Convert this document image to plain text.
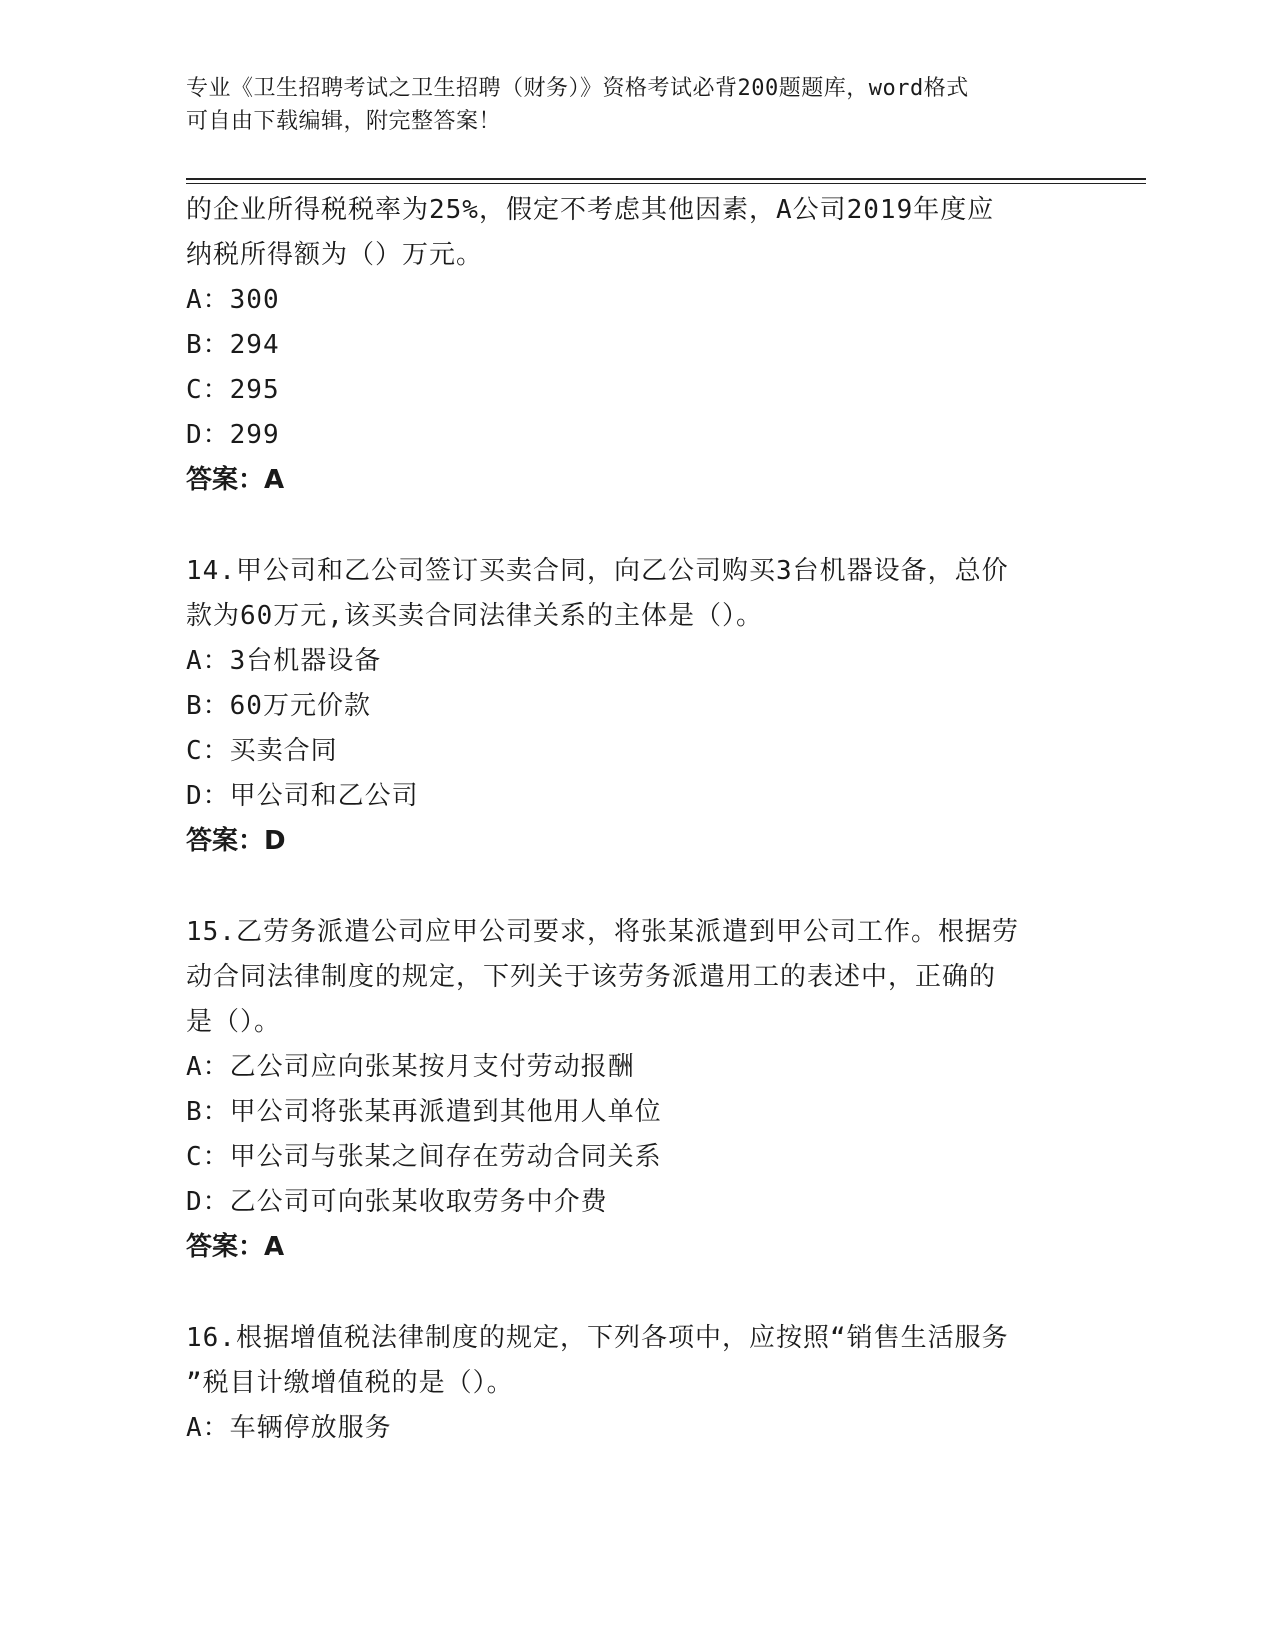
专业《卫生招聘考试之卫生招聘（财务）》资格考试必背200题题库，word格式
可自由下载编辑，附完整答案！

的企业所得税税率为25%，假定不考虑其他因素，A公司2019年度应

纳税所得额为（）万元。

A：300

B：294

C：295

D：299

答案：A

14.甲公司和乙公司签订买卖合同，向乙公司购买3台机器设备，总价

款为60万元,该买卖合同法律关系的主体是（）。

A：3台机器设备

B：60万元价款

C：买卖合同

D：甲公司和乙公司

答案：D

15.乙劳务派遣公司应甲公司要求，将张某派遣到甲公司工作。根据劳

动合同法律制度的规定，下列关于该劳务派遣用工的表述中，正确的

是（）。

A：乙公司应向张某按月支付劳动报酬

B：甲公司将张某再派遣到其他用人单位

C：甲公司与张某之间存在劳动合同关系

D：乙公司可向张某收取劳务中介费

答案：A

16.根据增值税法律制度的规定，下列各项中，应按照“销售生活服务

”税目计缴增值税的是（）。

A：车辆停放服务
